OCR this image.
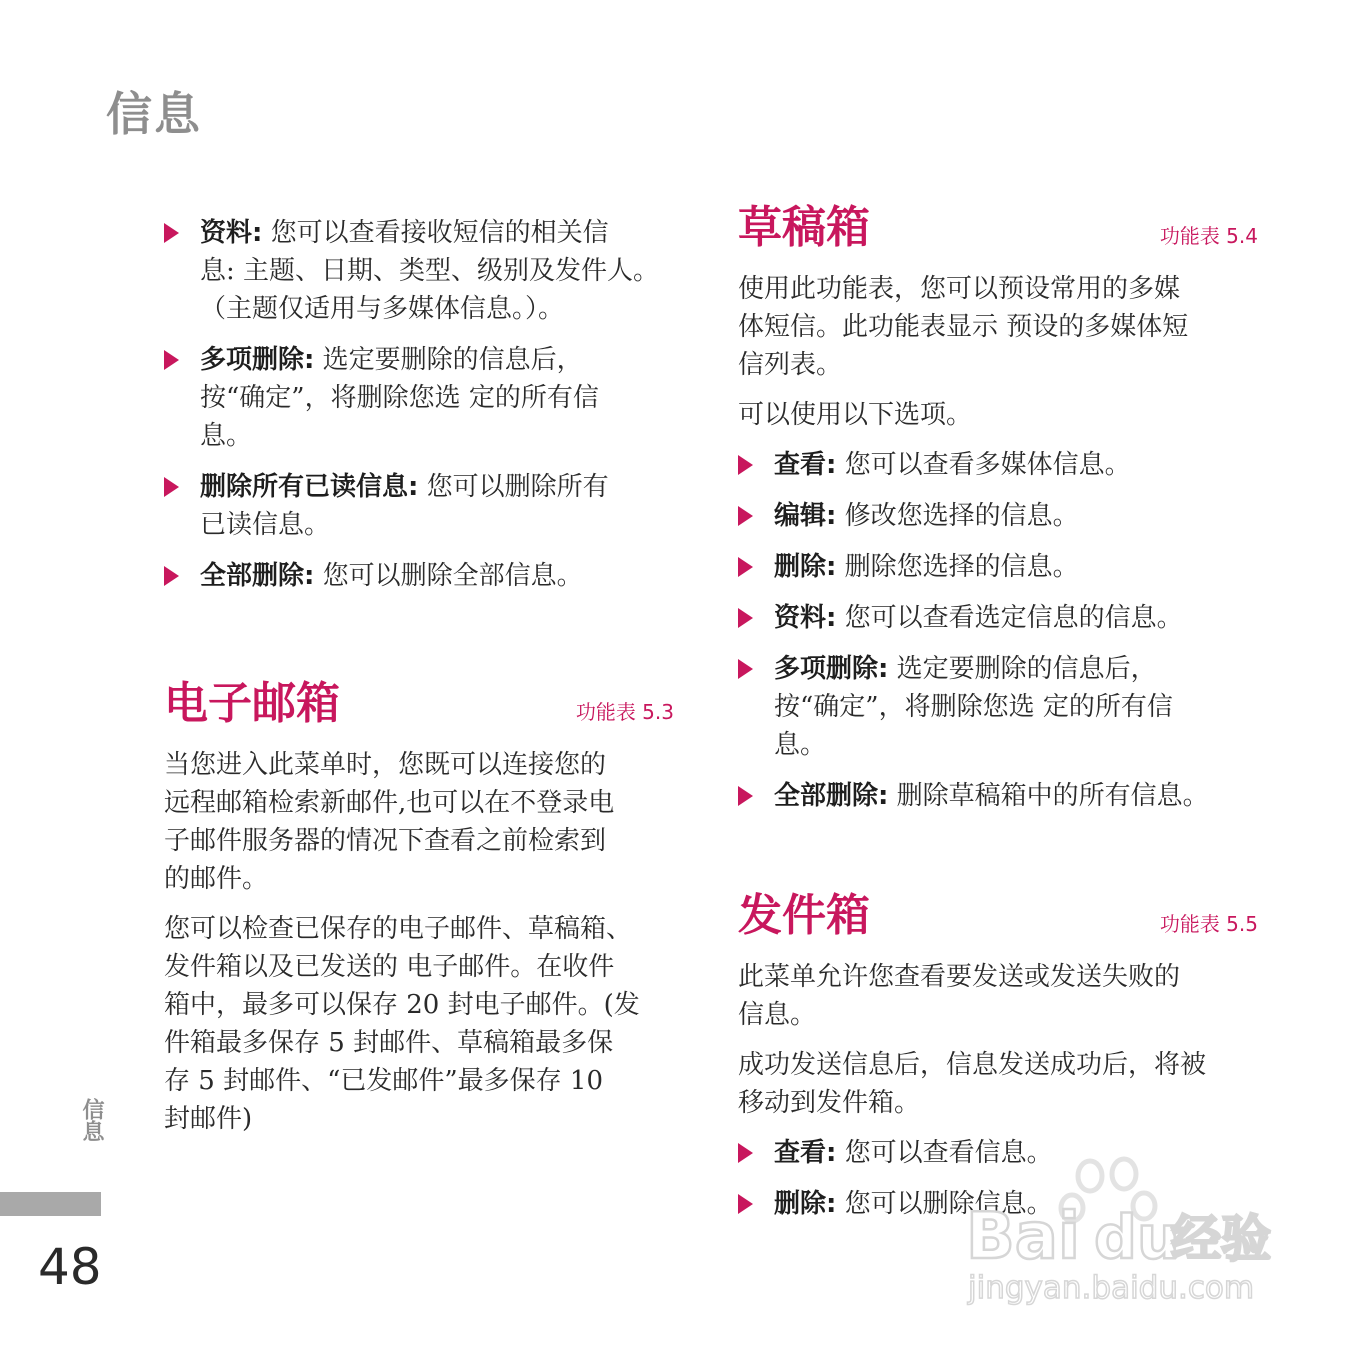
信息
资料: 您可以查看接收短信的相关信
息: 主题、日期、类型、级别及发件人。
（主题仅适用与多媒体信息。）。
多项删除: 选定要删除的信息后，
按“确定”，将删除您选 定的所有信
息。
删除所有已读信息: 您可以删除所有
已读信息。
全部删除: 您可以删除全部信息。
电子邮箱	功能表 5.3

当您进入此菜单时，您既可以连接您的
远程邮箱检索新邮件,也可以在不登录电
子邮件服务器的情况下查看之前检索到
的邮件。

您可以检查已保存的电子邮件、草稿箱、
发件箱以及已发送的 电子邮件。在收件
箱中，最多可以保存 20 封电子邮件。(发
件箱最多保存 5 封邮件、草稿箱最多保
存 5 封邮件、“已发邮件”最多保存 10
封邮件)

草稿箱	功能表 5.4

使用此功能表，您可以预设常用的多媒
体短信。此功能表显示 预设的多媒体短
信列表。

可以使用以下选项。

查看: 您可以查看多媒体信息。
编辑: 修改您选择的信息。
删除: 删除您选择的信息。
资料: 您可以查看选定信息的信息。
多项删除: 选定要删除的信息后，
按“确定”，将删除您选 定的所有信
息。
全部删除: 删除草稿箱中的所有信息。
发件箱	功能表 5.5

此菜单允许您查看要发送或发送失败的
信息。

成功发送信息后，信息发送成功后，将被
移动到发件箱。

查看: 您可以查看信息。
删除: 您可以删除信息。
信息
48	Bai du
经验
jingyan.baidu.com
